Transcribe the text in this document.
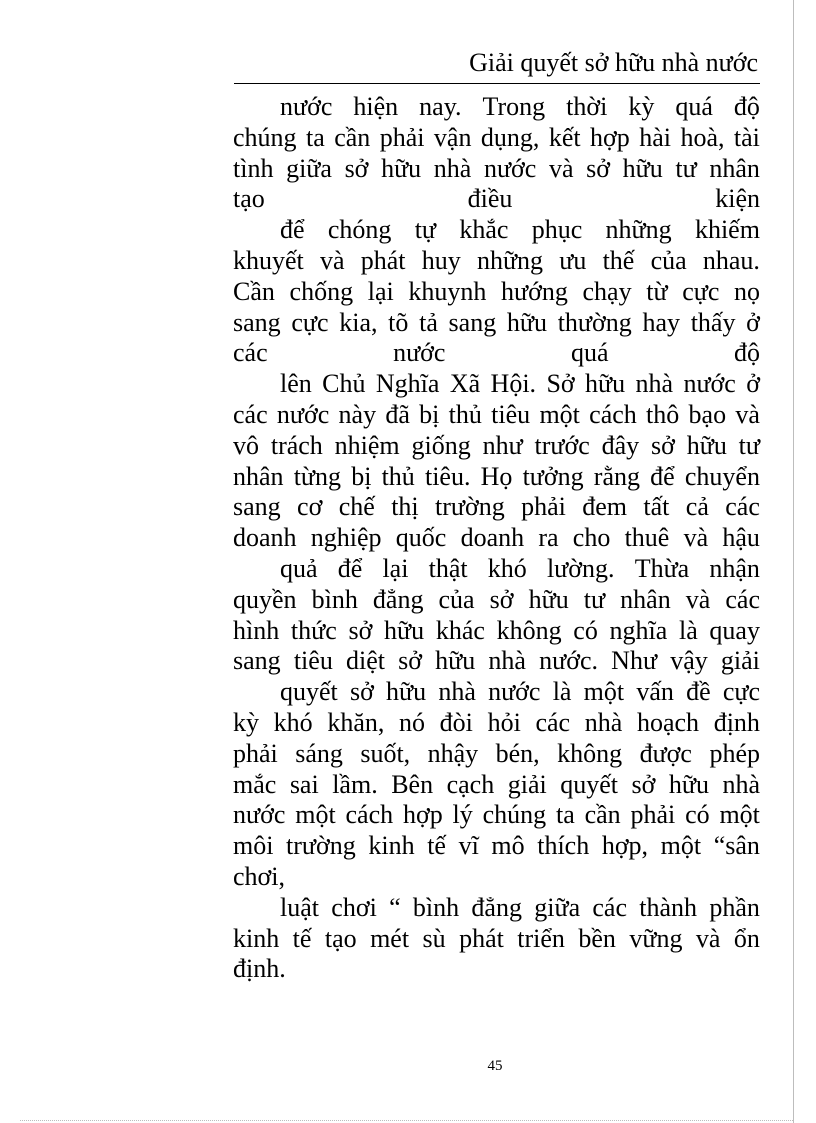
Giải quyết sở hữu nhà nước
nước hiện nay. Trong thời kỳ quá độ
chúng ta cần phải vận dụng, kết hợp hài hoà, tài
tình giữa sở hữu nhà nước và sở hữu tư nhân
tạo	điều	kiện
để chóng tự khắc phục những khiếm
khuyết và phát huy những ưu thế của nhau.
Cần chống lại khuynh hướng chạy từ cực nọ
sang cực kia, tõ tả sang hữu thường hay thấy ở
các	nước	quá	độ
lên Chủ Nghĩa Xã Hội. Sở hữu nhà nước ở
các nước này đã bị thủ tiêu một cách thô bạo và
vô trách nhiệm giống như trước đây sở hữu tư
nhân từng bị thủ tiêu. Họ tưởng rằng để chuyển
sang cơ chế thị trường phải đem tất cả các
doanh nghiệp quốc doanh ra cho thuê và hậu
quả để lại thật khó lường. Thừa nhận
quyền bình đẳng của sở hữu tư nhân và các
hình thức sở hữu khác không có nghĩa là quay
sang tiêu diệt sở hữu nhà nước. Như vậy giải
quyết sở hữu nhà nước là một vấn đề cực
kỳ khó khăn, nó đòi hỏi các nhà hoạch định
phải sáng suốt, nhậy bén, không được phép
mắc sai lầm. Bên cạch giải quyết sở hữu nhà
nước một cách hợp lý chúng ta cần phải có một
môi trường kinh tế vĩ mô thích hợp, một “sân
chơi,
luật chơi “ bình đẳng giữa các thành phần
kinh tế tạo mét sù phát triển bền vững và ổn
định.
45
